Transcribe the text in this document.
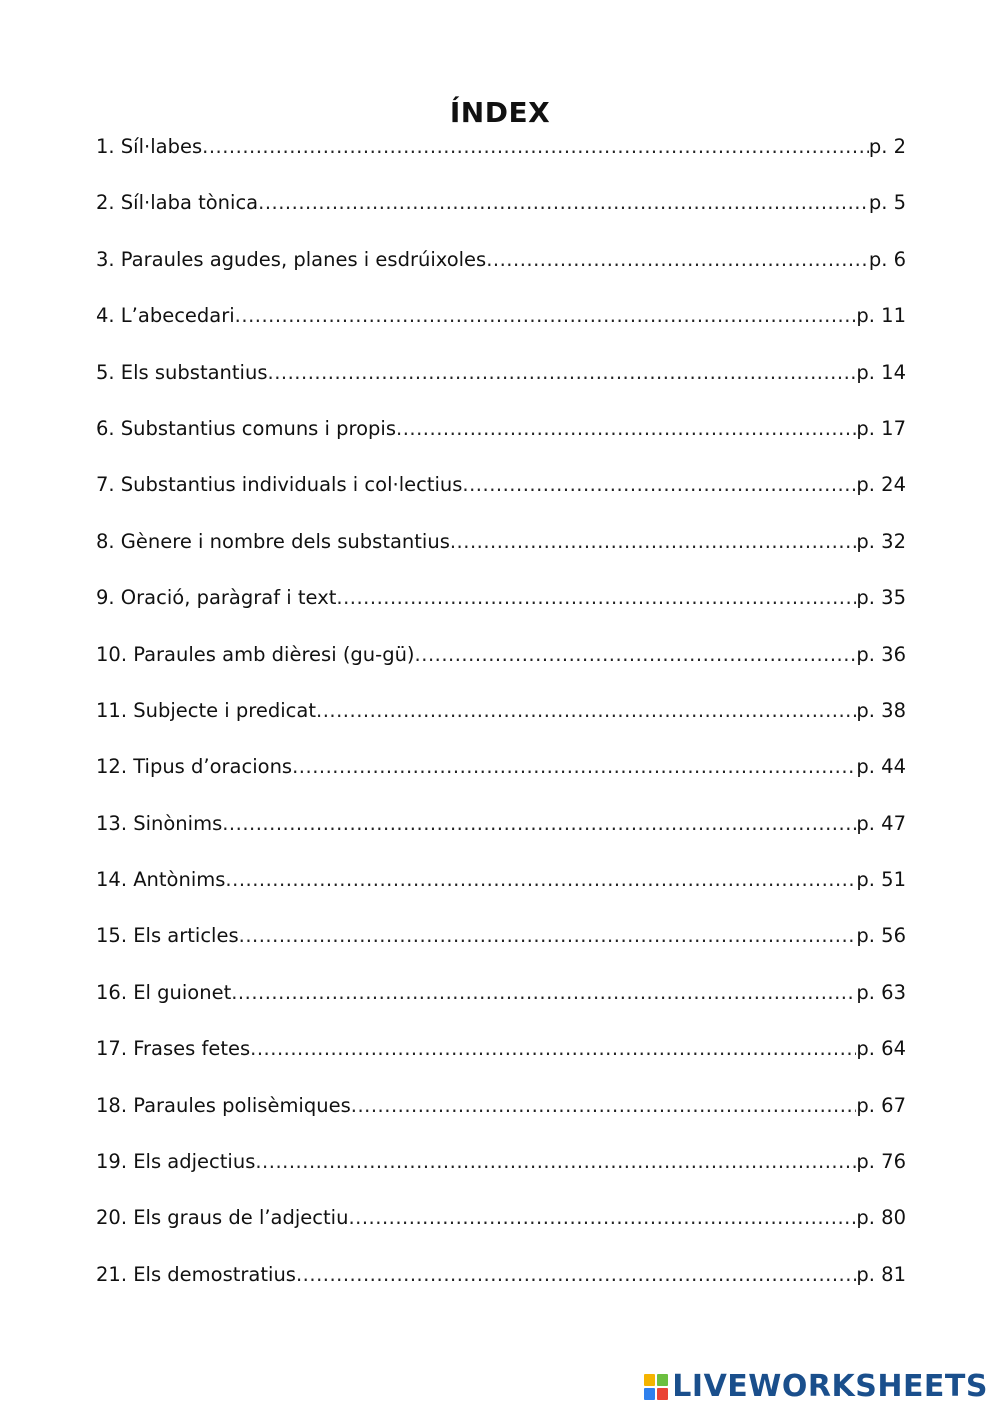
ÍNDEX
1. Síl·labes .....	p. 2
2. Síl·laba tònica .....	p. 5
3. Paraules agudes, planes i esdrúixoles .....	p. 6
4. L’abecedari .....	p. 11
5. Els substantius .....	p. 14
6. Substantius comuns i propis .....	p. 17
7. Substantius individuals i col·lectius .....	p. 24
8. Gènere i nombre dels substantius .....	p. 32
9. Oració, paràgraf i text .....	p. 35
10. Paraules amb dièresi (gu-gü) .....	p. 36
11. Subjecte i predicat .....	p. 38
12. Tipus d’oracions .....	p. 44
13. Sinònims .....	p. 47
14. Antònims .....	p. 51
15. Els articles .....	p. 56
16. El guionet .....	p. 63
17. Frases fetes .....	p. 64
18. Paraules polisèmiques .....	p. 67
19. Els adjectius .....	p. 76
20. Els graus de l’adjectiu .....	p. 80
21. Els demostratius .....	p. 81
LIVEWORKSHEETS
